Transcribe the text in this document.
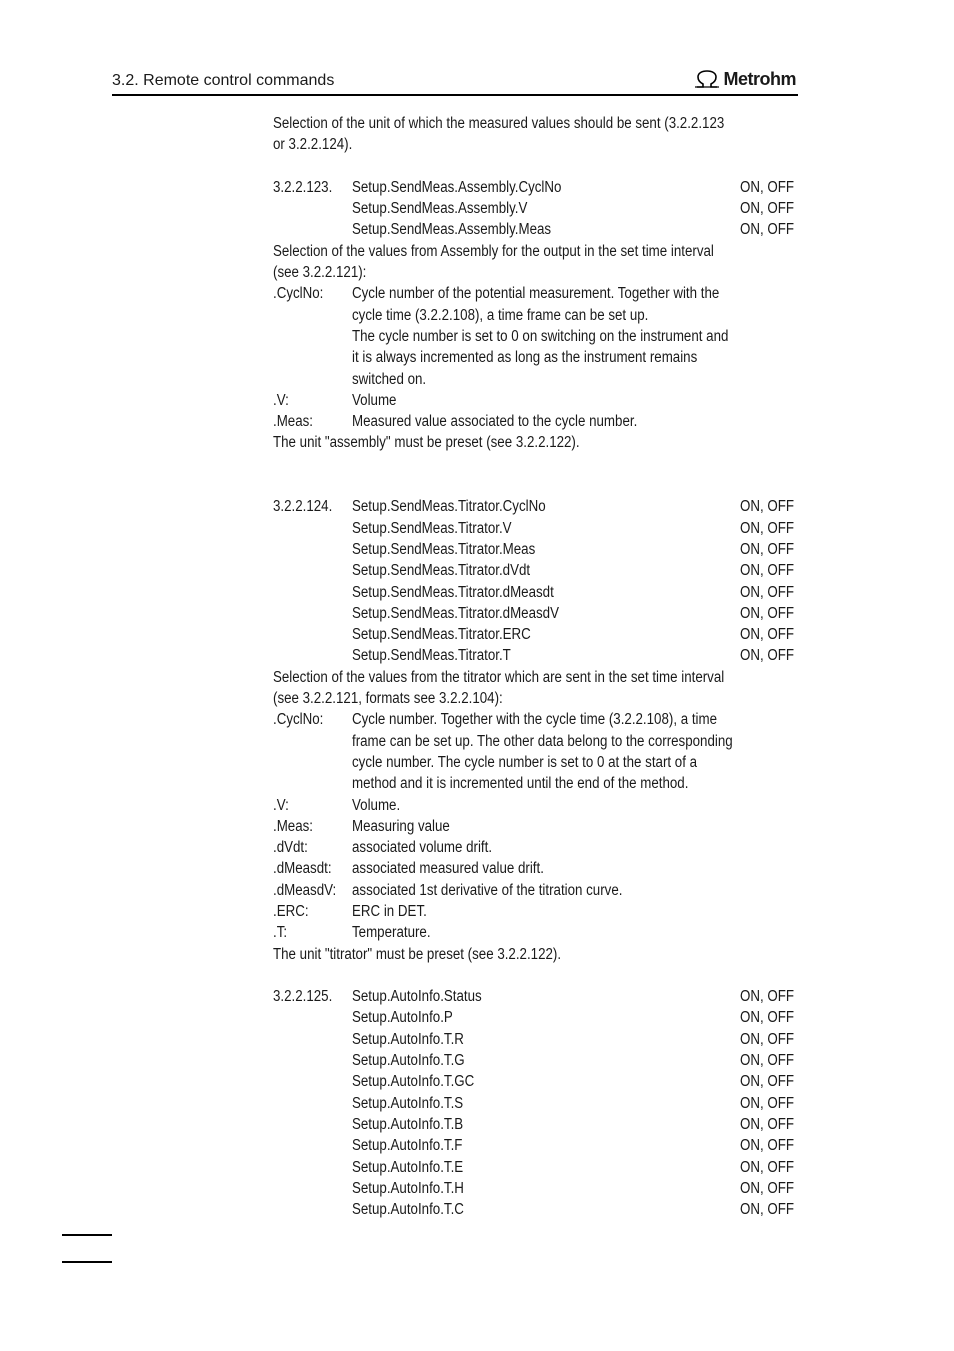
3.2. Remote control commands	Metrohm

Selection of the unit of which the measured values should be sent (3.2.2.123
or 3.2.2.124).

3.2.2.123.	Setup.SendMeas.Assembly.CyclNo	ON, OFF
Setup.SendMeas.Assembly.V	ON, OFF
Setup.SendMeas.Assembly.Meas	ON, OFF
Selection of the values from Assembly for the output in the set time interval
(see 3.2.2.121):
.CyclNo:	Cycle number of the potential measurement. Together with the
cycle time (3.2.2.108), a time frame can be set up.
The cycle number is set to 0 on switching on the instrument and
it is always incremented as long as the instrument remains
switched on.
.V:	Volume
.Meas:	Measured value associated to the cycle number.
The unit "assembly" must be preset (see 3.2.2.122).
3.2.2.124.	Setup.SendMeas.Titrator.CyclNo	ON, OFF
Setup.SendMeas.Titrator.V	ON, OFF
Setup.SendMeas.Titrator.Meas	ON, OFF
Setup.SendMeas.Titrator.dVdt	ON, OFF
Setup.SendMeas.Titrator.dMeasdt	ON, OFF
Setup.SendMeas.Titrator.dMeasdV	ON, OFF
Setup.SendMeas.Titrator.ERC	ON, OFF
Setup.SendMeas.Titrator.T	ON, OFF
Selection of the values from the titrator which are sent in the set time interval
(see 3.2.2.121, formats see 3.2.2.104):
.CyclNo:	Cycle number. Together with the cycle time (3.2.2.108), a time
frame can be set up. The other data belong to the corresponding
cycle number. The cycle number is set to 0 at the start of a
method and it is incremented until the end of the method.
.V:	Volume.
.Meas:	Measuring value
.dVdt:	associated volume drift.
.dMeasdt:	associated measured value drift.
.dMeasdV:	associated 1st derivative of the titration curve.
.ERC:	ERC in DET.
.T:	Temperature.
The unit "titrator" must be preset (see 3.2.2.122).
3.2.2.125.	Setup.AutoInfo.Status	ON, OFF
Setup.AutoInfo.P	ON, OFF
Setup.AutoInfo.T.R	ON, OFF
Setup.AutoInfo.T.G	ON, OFF
Setup.AutoInfo.T.GC	ON, OFF
Setup.AutoInfo.T.S	ON, OFF
Setup.AutoInfo.T.B	ON, OFF
Setup.AutoInfo.T.F	ON, OFF
Setup.AutoInfo.T.E	ON, OFF
Setup.AutoInfo.T.H	ON, OFF
Setup.AutoInfo.T.C	ON, OFF
